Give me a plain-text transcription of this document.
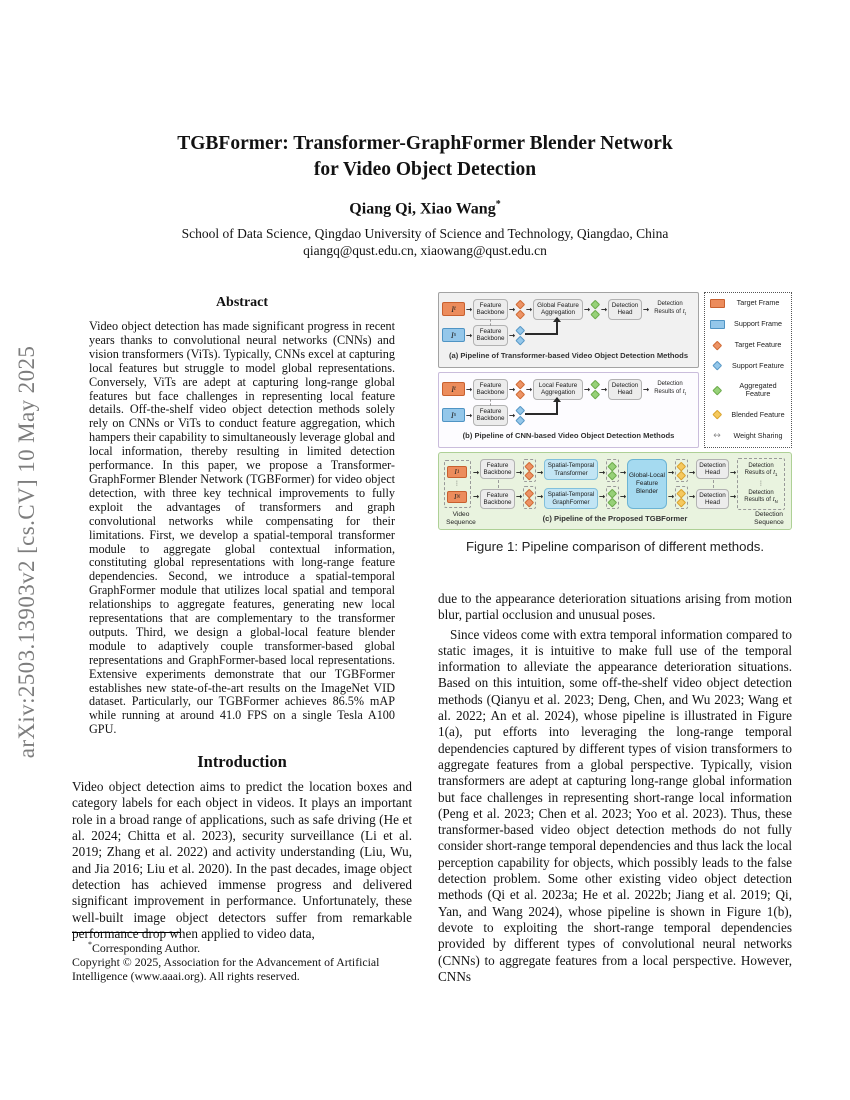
arXiv:2503.13903v2 [cs.CV] 10 May 2025
TGBFormer: Transformer-GraphFormer Blender Network
for Video Object Detection
Qiang Qi, Xiao Wang*
School of Data Science, Qingdao University of Science and Technology, Qiangdao, China
qiangq@qust.edu.cn, xiaowang@qust.edu.cn
Abstract
Video object detection has made significant progress in recent years thanks to convolutional neural networks (CNNs) and vision transformers (ViTs). Typically, CNNs excel at capturing local features but struggle to model global representations. Conversely, ViTs are adept at capturing long-range global features but face challenges in representing local feature details. Off-the-shelf video object detection methods solely rely on CNNs or ViTs to conduct feature aggregation, which hampers their capability to simultaneously leverage global and local information, thereby resulting in limited detection performance. In this paper, we propose a Transformer-GraphFormer Blender Network (TGBFormer) for video object detection, with three key technical improvements to fully exploit the advantages of transformers and graph convolutional networks while compensating for their limitations. First, we develop a spatial-temporal transformer module to aggregate global contextual information, constituting global representations with long-range feature dependencies. Second, we introduce a spatial-temporal GraphFormer module that utilizes local spatial and temporal relationships to aggregate features, generating new local representations that are complementary to the transformer outputs. Third, we design a global-local feature blender module to adaptively couple transformer-based global representations and GraphFormer-based local representations. Extensive experiments demonstrate that our TGBFormer establishes new state-of-the-art results on the ImageNet VID dataset. Particularly, our TGBFormer achieves 86.5% mAP while running at around 41.0 FPS on a single Tesla A100 GPU.
Introduction
Video object detection aims to predict the location boxes and category labels for each object in videos. It plays an important role in a broad range of applications, such as safe driving (He et al. 2024; Chitta et al. 2023), security surveillance (Li et al. 2019; Zhang et al. 2022) and activity understanding (Liu, Wu, and Jia 2016; Liu et al. 2020). In the past decades, image object detection has achieved immense progress and delivered significant improvement in performance. Unfortunately, these well-built image object detectors suffer from remarkable performance drop when applied to video data,
*Corresponding Author.
Copyright © 2025, Association for the Advancement of Artificial Intelligence (www.aaai.org). All rights reserved.
I t →	Feature Backbone → → Global Feature Aggregation	→ → Detection Head	→
Detection Results of $I_t$
I s →	Feature Backbone →
(a) Pipeline of Transformer-based Video Object Detection Methods
I t →	Feature Backbone → →	Local Feature Aggregation	→ → Detection Head	→
Detection Results of $I_t$
I s →	Feature Backbone →
(b) Pipeline of CNN-based Video Object Detection Methods
Target Frame
Support Frame
Target Feature
Support Feature
Aggregated Feature
Blended Feature
↔	Weight Sharing
I 1
⋮
I N
→
→
Feature Backbone
Feature Backbone
→
→
→
→
Spatial-Temporal Transformer
Spatial-Temporal GraphFormer
→
→
→
→
Global-Local Feature Blender
→
→
→
→
Detection Head
Detection Head
→
→
Detection Results of $I_1$
⋮
Detection Results of $I_N$
Video Sequence	(c) Pipeline of the Proposed TGBFormer	Detection Sequence
Figure 1: Pipeline comparison of different methods.
due to the appearance deterioration situations arising from motion blur, partial occlusion and unusual poses.
Since videos come with extra temporal information compared to static images, it is intuitive to make full use of the temporal information to alleviate the appearance deterioration situations. Based on this intuition, some off-the-shelf video object detection methods (Qianyu et al. 2023; Deng, Chen, and Wu 2023; Wang et al. 2022; An et al. 2024), whose pipeline is illustrated in Figure 1(a), put efforts into leveraging the long-range temporal dependencies captured by different types of vision transformers to aggregate features from a global perspective. Typically, vision transformers are adept at capturing long-range global information but face challenges in representing short-range local information (Peng et al. 2023; Chen et al. 2023; Yoo et al. 2023). Thus, these transformer-based video object detection methods do not fully consider short-range temporal dependencies and thus lack the local perception capability for objects, which possibly leads to the false detection problem. Some other existing video object detection methods (Qi et al. 2023a; He et al. 2022b; Jiang et al. 2019; Qi, Yan, and Wang 2024), whose pipeline is shown in Figure 1(b), devote to exploiting the short-range temporal dependencies provided by different types of convolutional neural networks (CNNs) to aggregate features from a local perspective. However, CNNs
